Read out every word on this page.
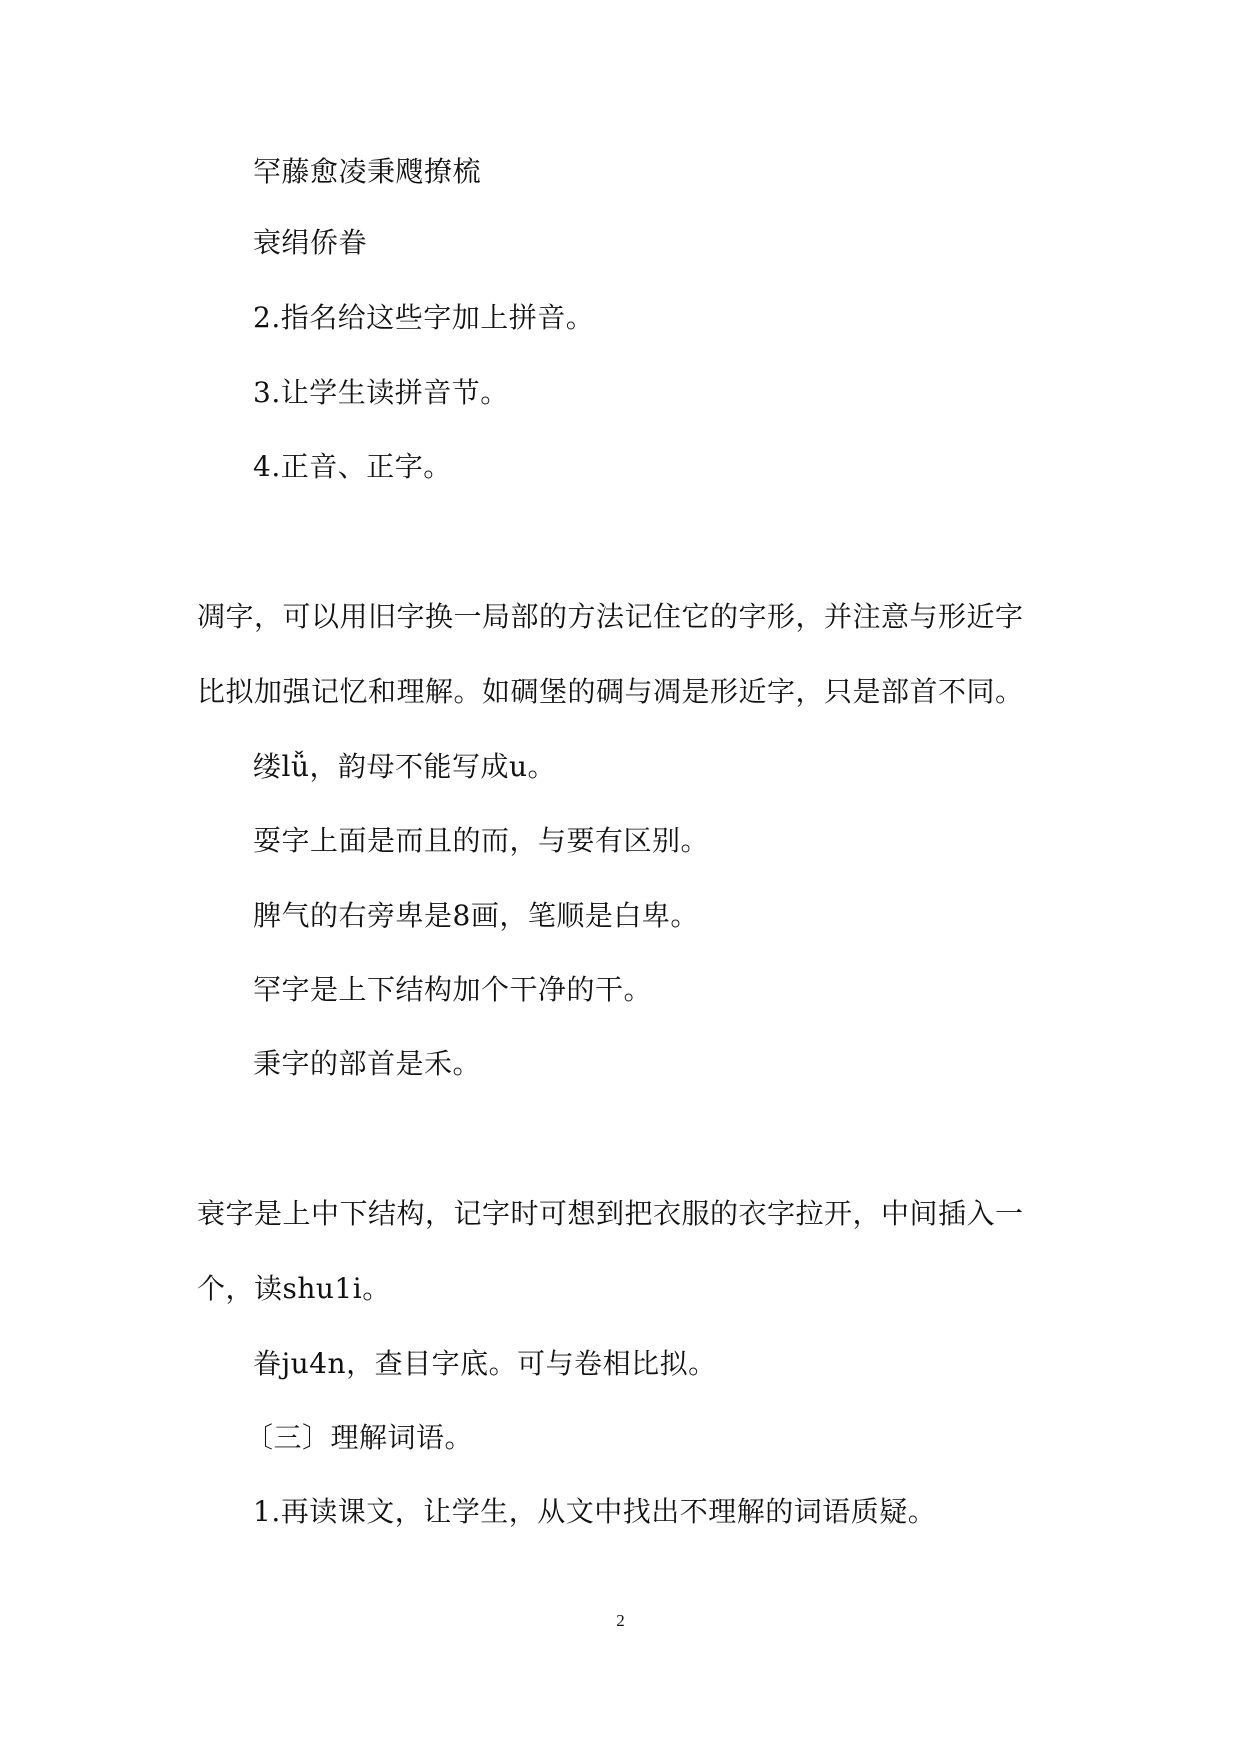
罕藤愈凌秉飕撩梳
衰绢侨眷
2.指名给这些字加上拼音。
3.让学生读拼音节。
4.正音、正字。
凋字，可以用旧字换一局部的方法记住它的字形，并注意与形近字
比拟加强记忆和理解。如碉堡的碉与凋是形近字，只是部首不同。
缕lǚ，韵母不能写成u。
耍字上面是而且的而，与要有区别。
脾气的右旁卑是8画，笔顺是白卑。
罕字是上下结构加个干净的干。
秉字的部首是禾。
衰字是上中下结构，记字时可想到把衣服的衣字拉开，中间插入一
个，读shu1i。
眷ju4n，查目字底。可与卷相比拟。
〔三〕理解词语。
1.再读课文，让学生，从文中找出不理解的词语质疑。
2
